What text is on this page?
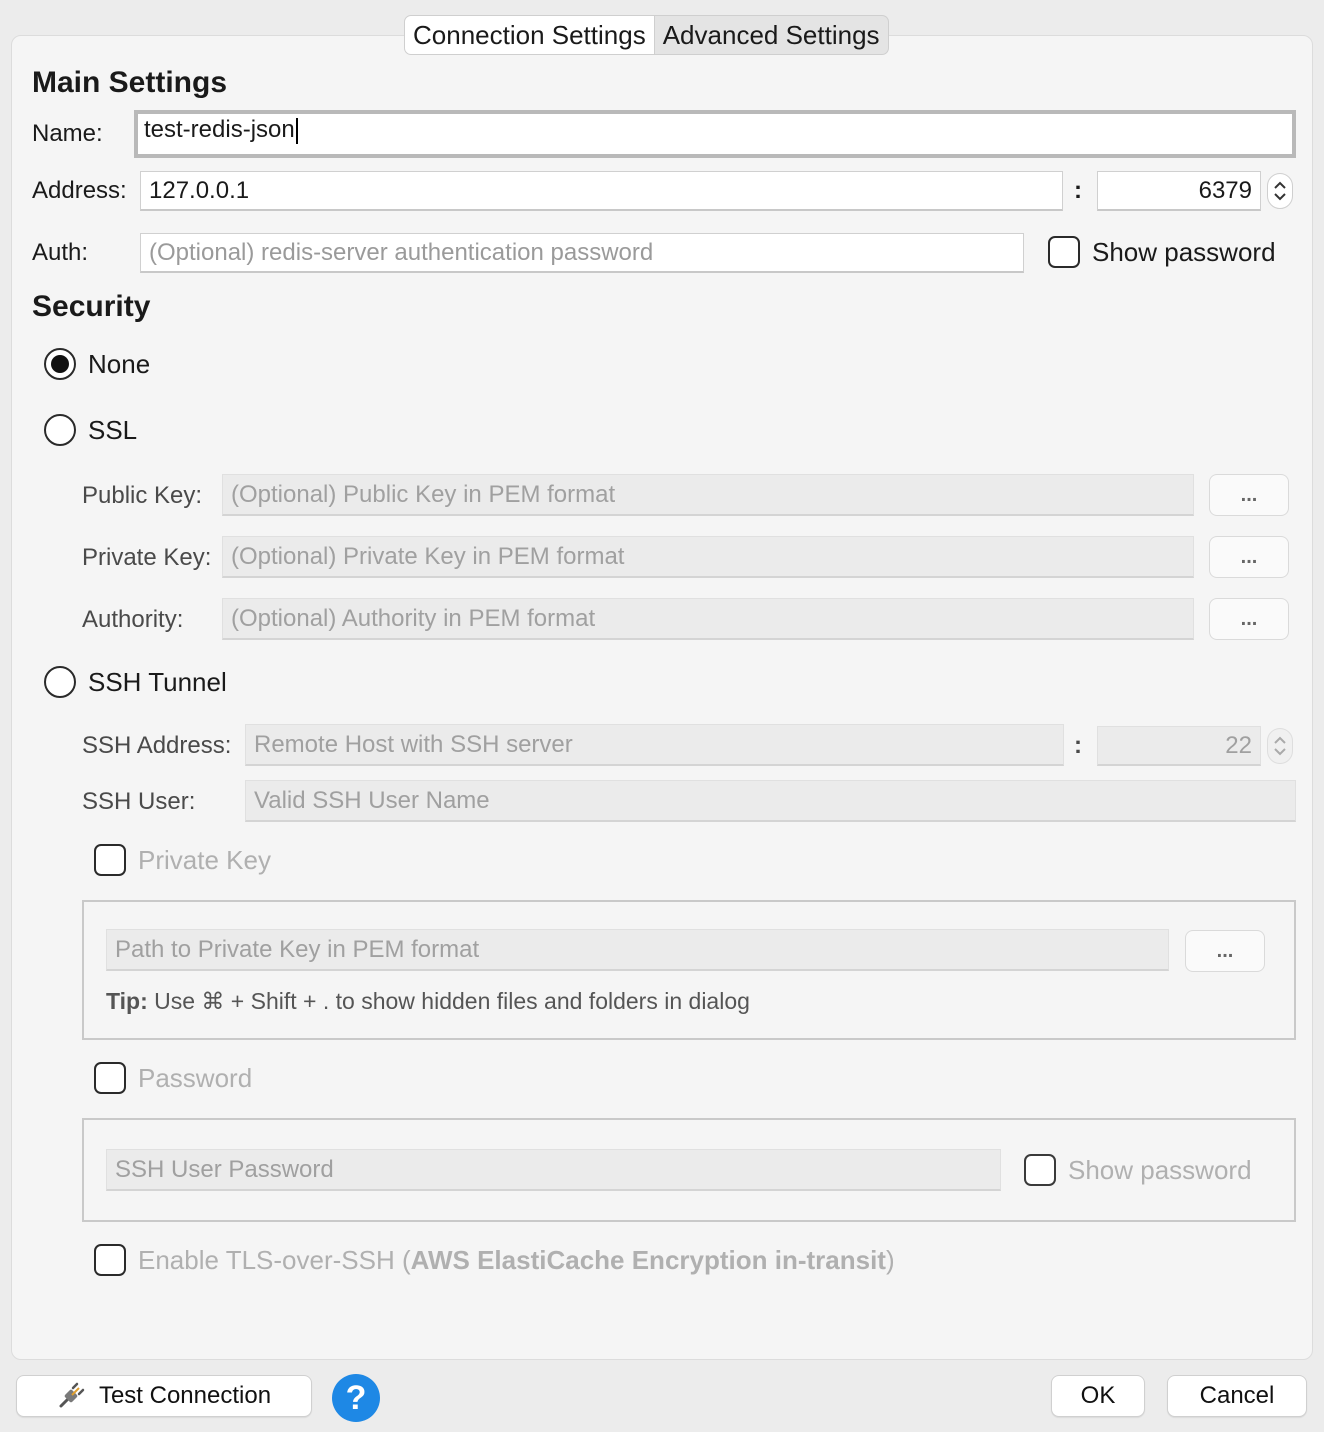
Connection Settings Advanced Settings
Main Settings
Name:	test-redis-json
Address: 127.0.0.1	:	6379
Auth:	(Optional) redis-server authentication password	Show password
Security
None
SSL
Public Key:	(Optional) Public Key in PEM format	...
Private Key: (Optional) Private Key in PEM format	...
Authority:	(Optional) Authority in PEM format	...
SSH Tunnel
SSH Address: Remote Host with SSH server	:	22
SSH User:	Valid SSH User Name
Private Key
Path to Private Key in PEM format	...
Tip: Use ⌘ + Shift + . to show hidden files and folders in dialog
Password
SSH User Password	Show password
Enable TLS-over-SSH (AWS ElastiCache Encryption in-transit)
Test Connection	?	OK	Cancel
